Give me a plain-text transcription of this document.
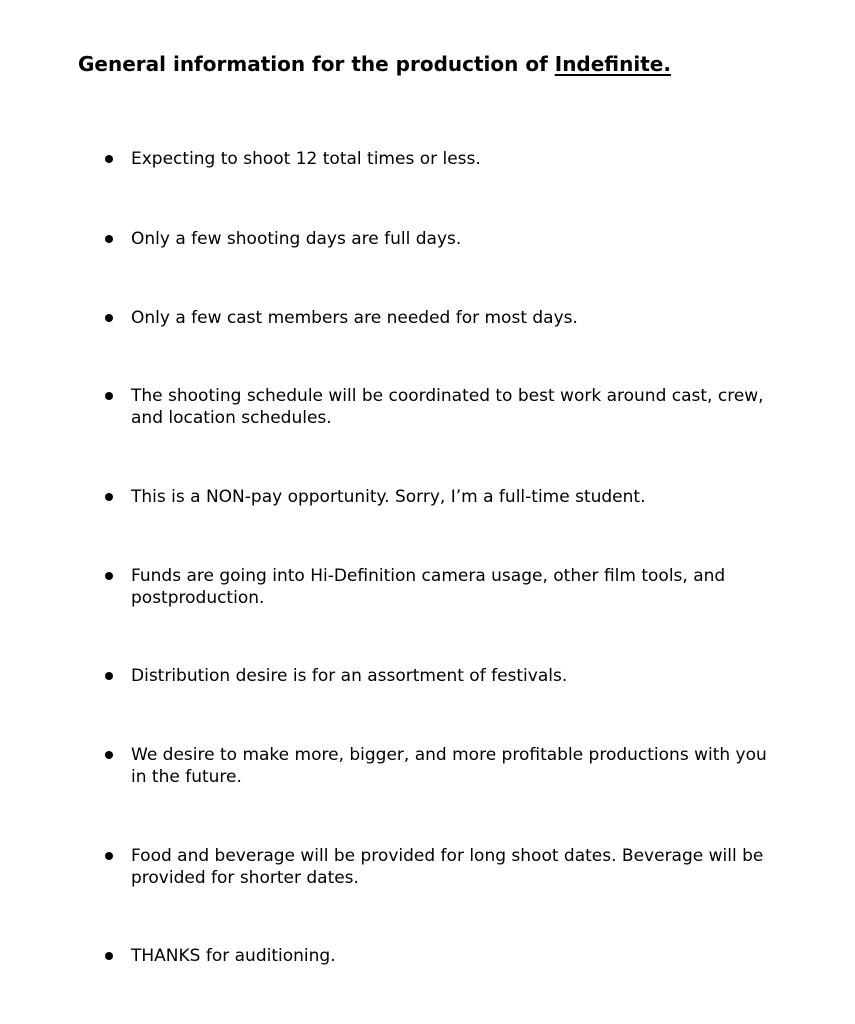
General information for the production of Indefinite.
Expecting to shoot 12 total times or less.
Only a few shooting days are full days.
Only a few cast members are needed for most days.
The shooting schedule will be coordinated to best work around cast, crew, and location schedules.
This is a NON-pay opportunity. Sorry, I’m a full-time student.
Funds are going into Hi-Definition camera usage, other film tools, and postproduction.
Distribution desire is for an assortment of festivals.
We desire to make more, bigger, and more profitable productions with you in the future.
Food and beverage will be provided for long shoot dates. Beverage will be provided for shorter dates.
THANKS for auditioning.
